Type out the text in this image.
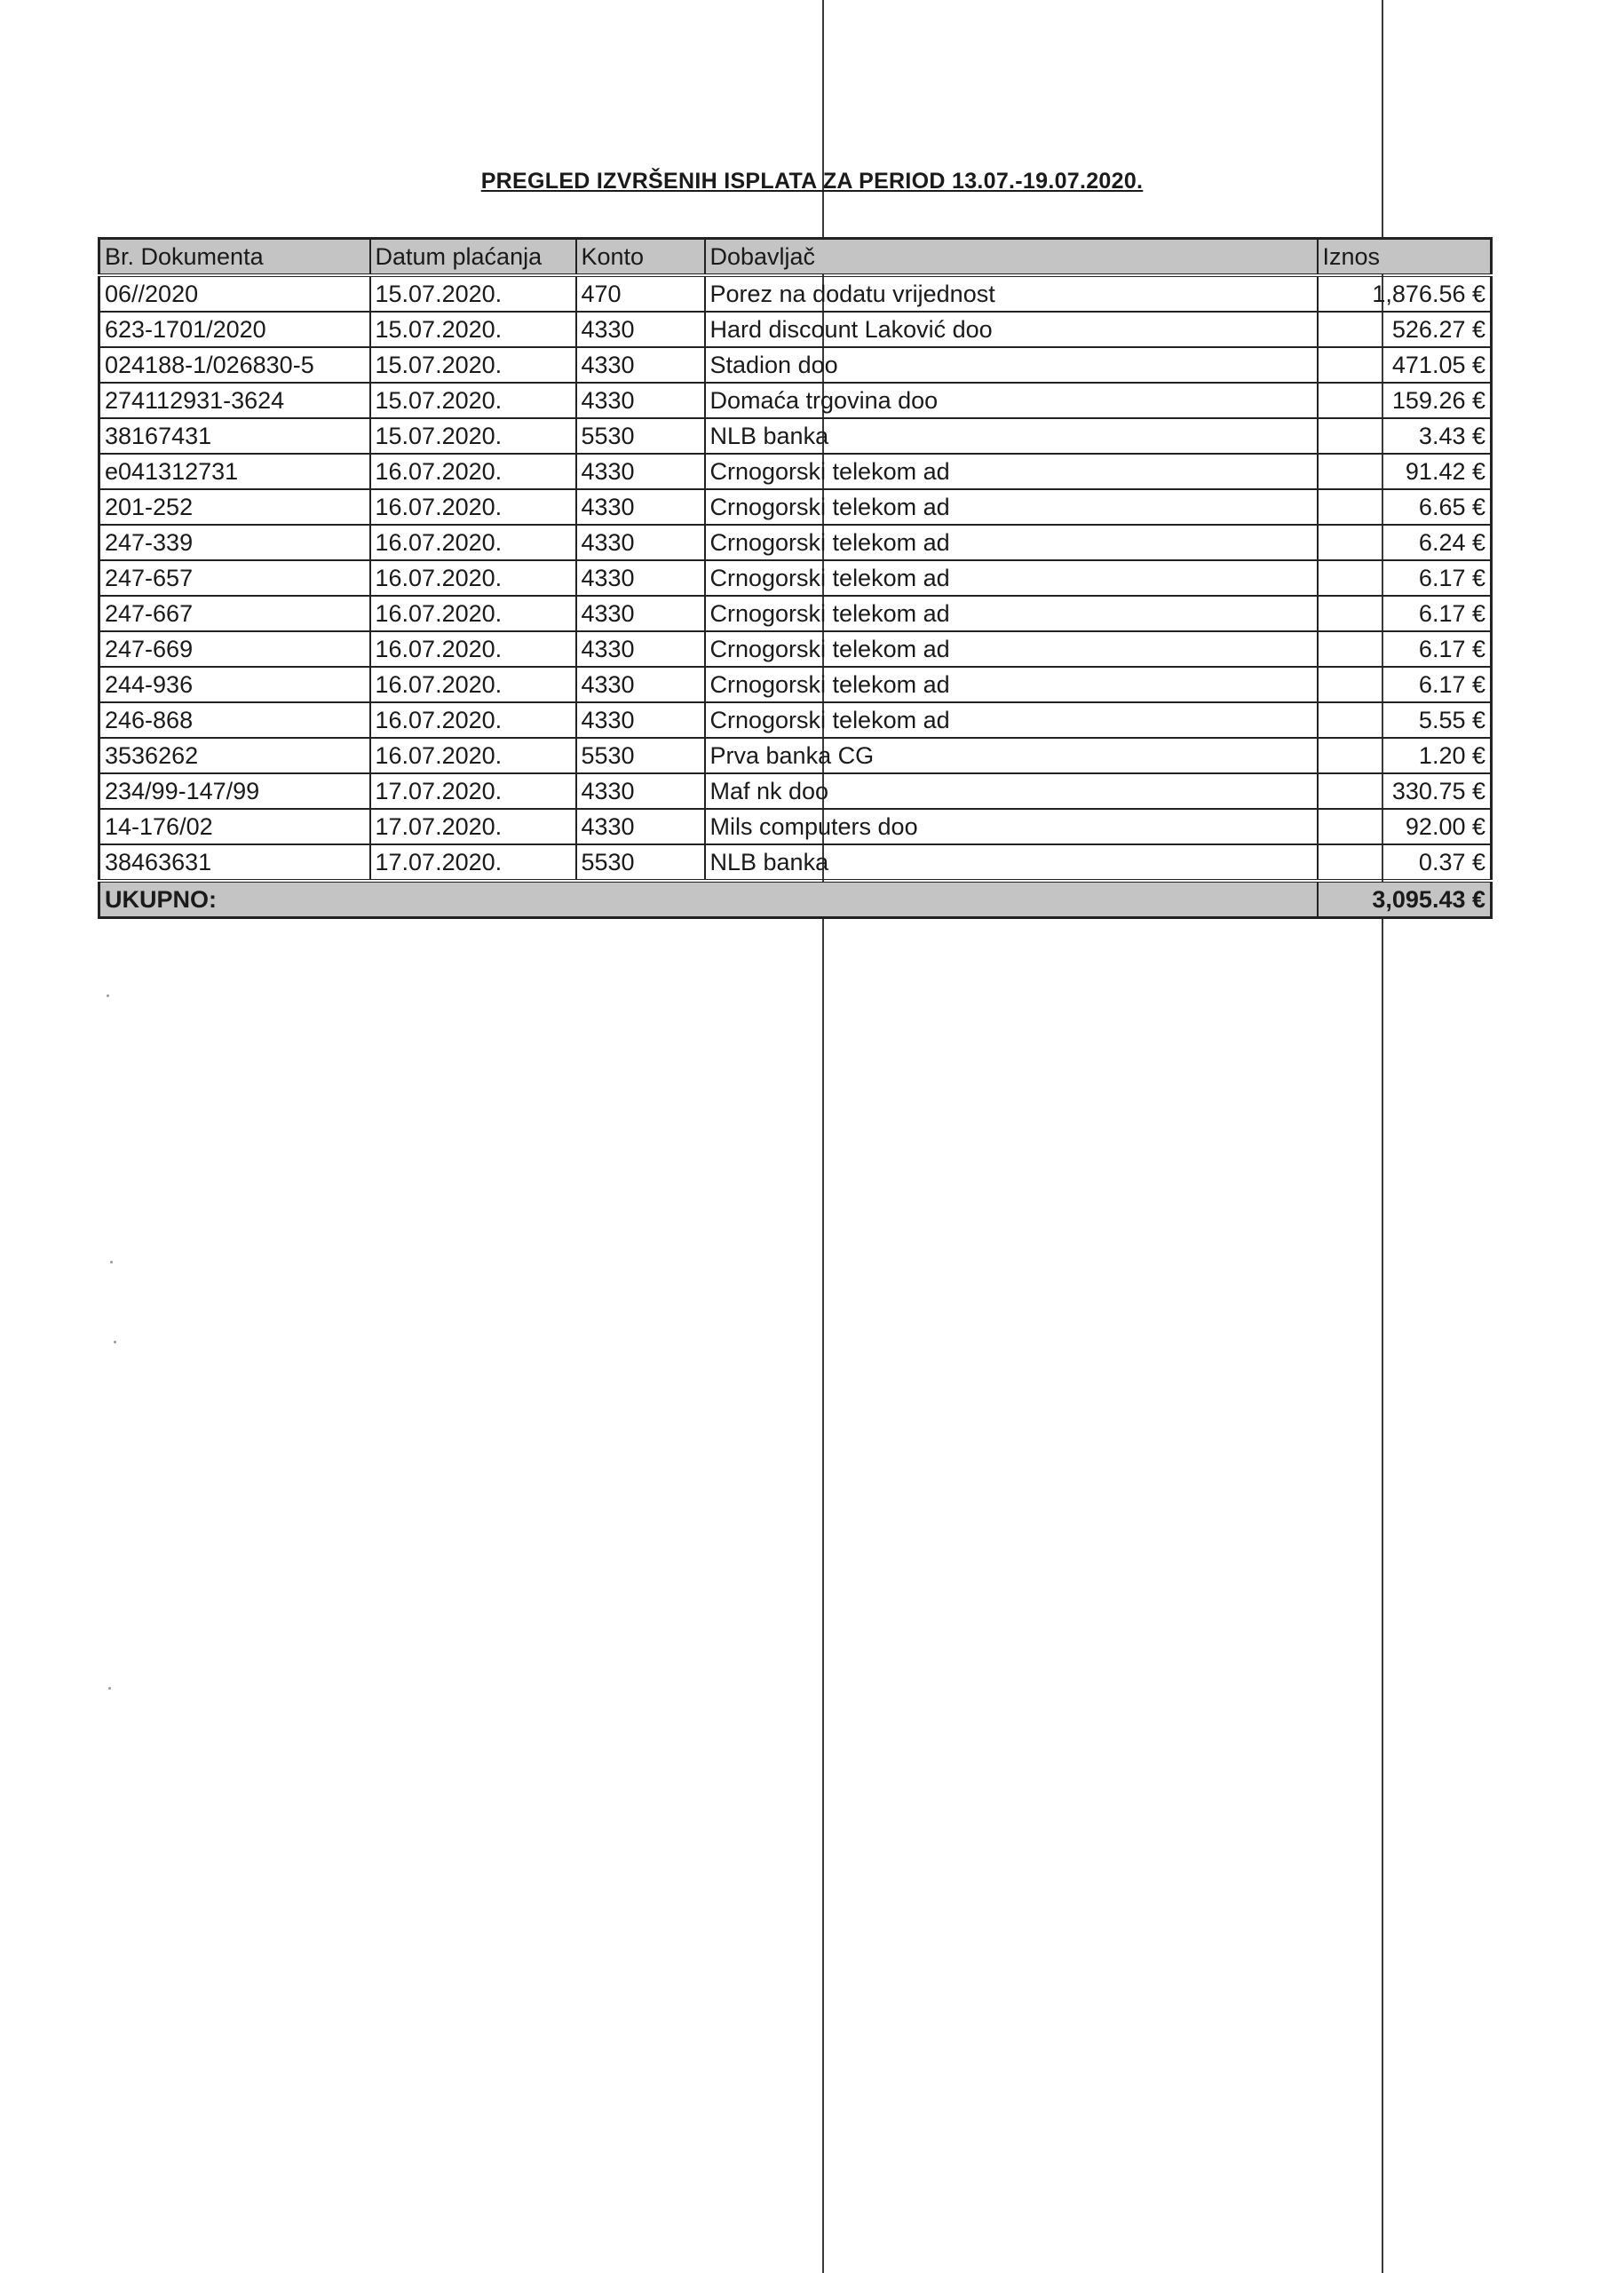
PREGLED IZVRŠENIH ISPLATA ZA PERIOD 13.07.-19.07.2020.
Br. Dokumenta	Datum plaćanja	Konto	Dobavljač	Iznos
06//2020	15.07.2020.	470	Porez na dodatu vrijednost	1,876.56 €
623-1701/2020	15.07.2020.	4330	Hard discount Laković doo	526.27 €
024188-1/026830-5	15.07.2020.	4330	Stadion doo	471.05 €
274112931-3624	15.07.2020.	4330	Domaća trgovina doo	159.26 €
38167431	15.07.2020.	5530	NLB banka	3.43 €
e041312731	16.07.2020.	4330	Crnogorski telekom ad	91.42 €
201-252	16.07.2020.	4330	Crnogorski telekom ad	6.65 €
247-339	16.07.2020.	4330	Crnogorski telekom ad	6.24 €
247-657	16.07.2020.	4330	Crnogorski telekom ad	6.17 €
247-667	16.07.2020.	4330	Crnogorski telekom ad	6.17 €
247-669	16.07.2020.	4330	Crnogorski telekom ad	6.17 €
244-936	16.07.2020.	4330	Crnogorski telekom ad	6.17 €
246-868	16.07.2020.	4330	Crnogorski telekom ad	5.55 €
3536262	16.07.2020.	5530	Prva banka CG	1.20 €
234/99-147/99	17.07.2020.	4330	Maf nk doo	330.75 €
14-176/02	17.07.2020.	4330	Mils computers doo	92.00 €
38463631	17.07.2020.	5530	NLB banka	0.37 €
UKUPNO:				3,095.43 €
